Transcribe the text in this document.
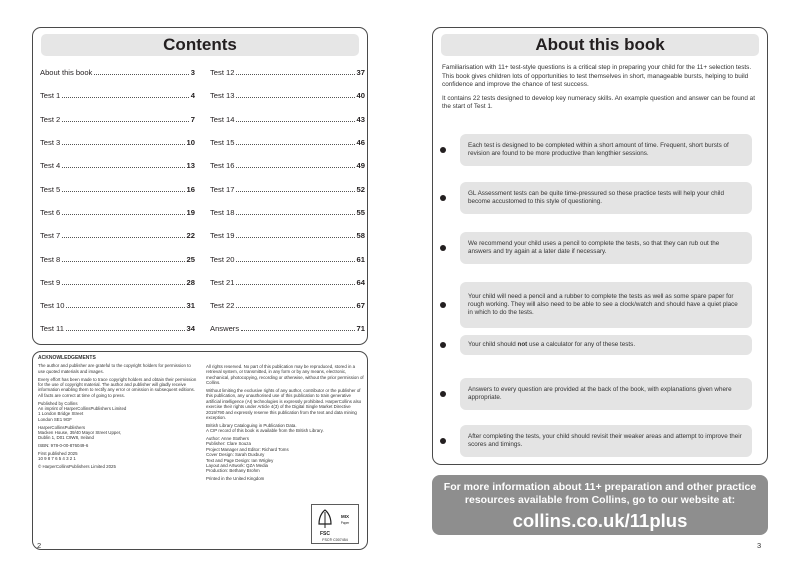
Contents
About this book	3
Test 1	4
Test 2	7
Test 3	10
Test 4	13
Test 5	16
Test 6	19
Test 7	22
Test 8	25
Test 9	28
Test 10	31
Test 11	34
Test 12	37
Test 13	40
Test 14	43
Test 15	46
Test 16	49
Test 17	52
Test 18	55
Test 19	58
Test 20	61
Test 21	64
Test 22	67
Answers	71
ACKNOWLEDGEMENTS

The author and publisher are grateful to the copyright holders for permission to use quoted materials and images.

Every effort has been made to trace copyright holders and obtain their permission for the use of copyright material. The author and publisher will gladly receive information enabling them to rectify any error or omission in subsequent editions. All facts are correct at time of going to press.

Published by Collins
An imprint of HarperCollinsPublishers Limited
1 London Bridge Street
London SE1 9GF

HarperCollinsPublishers
Macken House, 39/40 Mayor Street Upper,
Dublin 1, D01 C9W8, Ireland

ISBN: 978-0-00-876049-6

First published 2025
10 9 8 7 6 5 4 3 2 1

© HarperCollinsPublishers Limited 2025

All rights reserved. No part of this publication may be reproduced, stored in a retrieval system, or transmitted, in any form or by any means, electronic, mechanical, photocopying, recording or otherwise, without the prior permission of Collins.

Without limiting the exclusive rights of any author, contributor or the publisher of this publication, any unauthorised use of this publication to train generative artificial intelligence (AI) technologies is expressly prohibited. HarperCollins also exercise their rights under Article 4(3) of the Digital Single Market Directive 2019/790 and expressly reserve this publication from the text and data mining exception.

British Library Cataloguing in Publication Data.
A CIP record of this book is available from the British Library.

Author: Anne Stothers
Publisher: Clare Souza
Project Manager and Editor: Richard Toms
Cover Design: Sarah Duxbury
Text and Page Design: Ian Wrigley
Layout and Artwork: QZA Media
Production: Bethany Brohm

Printed in the United Kingdom

FSC
MIX
Paper
FSC® C007454
2
About this book

Familiarisation with 11+ test-style questions is a critical step in preparing your child for the 11+ selection tests. This book gives children lots of opportunities to test themselves in short, manageable bursts, helping to build confidence and improve the chance of test success.

It contains 22 tests designed to develop key numeracy skills. An example question and answer can be found at the start of Test 1.

Each test is designed to be completed within a short amount of time. Frequent, short bursts of revision are found to be more productive than lengthier sessions.
GL Assessment tests can be quite time-pressured so these practice tests will help your child become accustomed to this style of questioning.
We recommend your child uses a pencil to complete the tests, so that they can rub out the answers and try again at a later date if necessary.
Your child will need a pencil and a rubber to complete the tests as well as some spare paper for rough working. They will also need to be able to see a clock/watch and should have a quiet place in which to do the tests.
Your child should not use a calculator for any of these tests.
Answers to every question are provided at the back of the book, with explanations given where appropriate.
After completing the tests, your child should revisit their weaker areas and attempt to improve their scores and timings.
For more information about 11+ preparation and other practice resources available from Collins, go to our website at:
collins.co.uk/11plus
3
